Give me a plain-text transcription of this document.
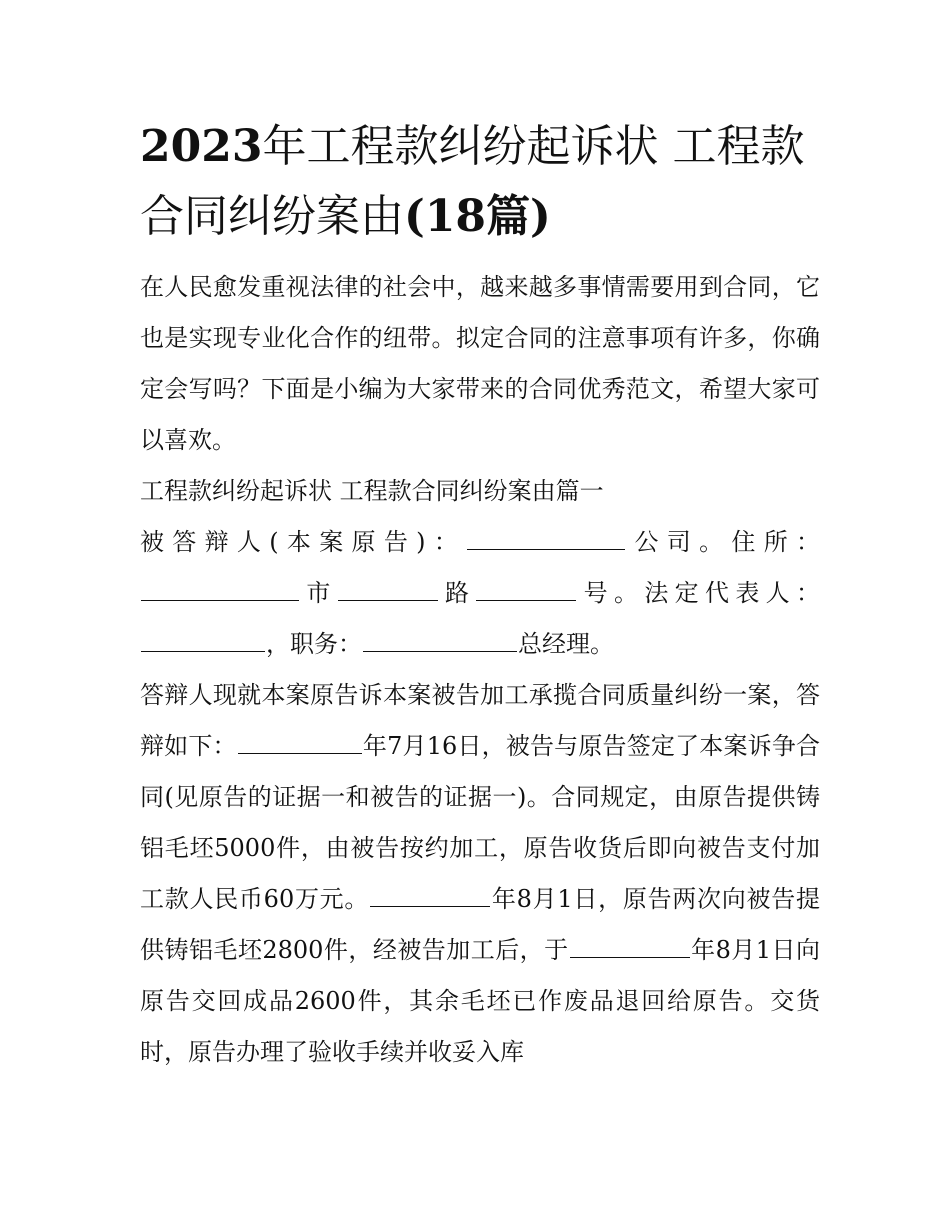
2023年工程款纠纷起诉状 工程款合同纠纷案由(18篇)

在人民愈发重视法律的社会中，越来越多事情需要用到合同，它也是实现专业化合作的纽带。拟定合同的注意事项有许多，你确定会写吗？下面是小编为大家带来的合同优秀范文，希望大家可以喜欢。

工程款纠纷起诉状 工程款合同纠纷案由篇一

被答辩人(本案原告)：	公司。住所：市	路	号。法定代表人：，职务：	总经理。

答辩人现就本案原告诉本案被告加工承揽合同质量纠纷一案，答辩如下：	年7月16日，被告与原告签定了本案诉争合同(见原告的证据一和被告的证据一)。合同规定，由原告提供铸铝毛坯5000件，由被告按约加工，原告收货后即向被告支付加工款人民币60万元。	年8月1日，原告两次向被告提供铸铝毛坯2800件，经被告加工后，于	年8月1日向原告交回成品2600件，其余毛坯已作废品退回给原告。交货时，原告办理了验收手续并收妥入库
